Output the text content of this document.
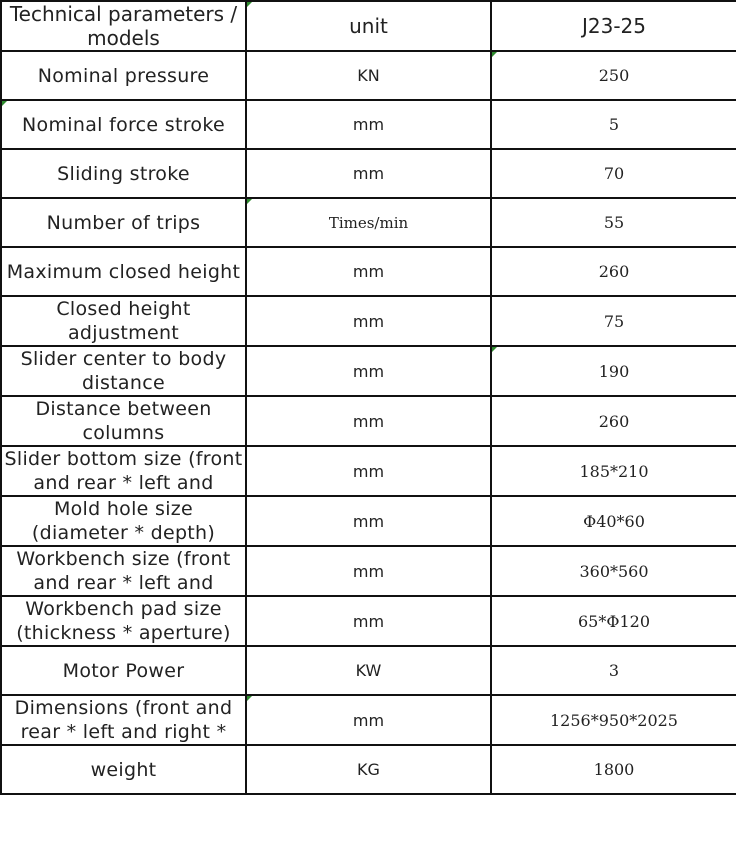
Technical parameters / models	unit	J23-25
Nominal pressure	KN	250
Nominal force stroke	mm	5
Sliding stroke	mm	70
Number of trips	Times/min	55
Maximum closed height	mm	260
Closed height adjustment	mm	75
Slider center to body distance	mm	190
Distance between columns	mm	260
Slider bottom size (front and rear * left and	mm	185*210
Mold hole size (diameter * depth)	mm	Φ40*60
Workbench size (front and rear * left and	mm	360*560
Workbench pad size (thickness * aperture)	mm	65*Φ120
Motor Power	KW	3
Dimensions (front and rear * left and right *	mm	1256*950*2025
weight	KG	1800
